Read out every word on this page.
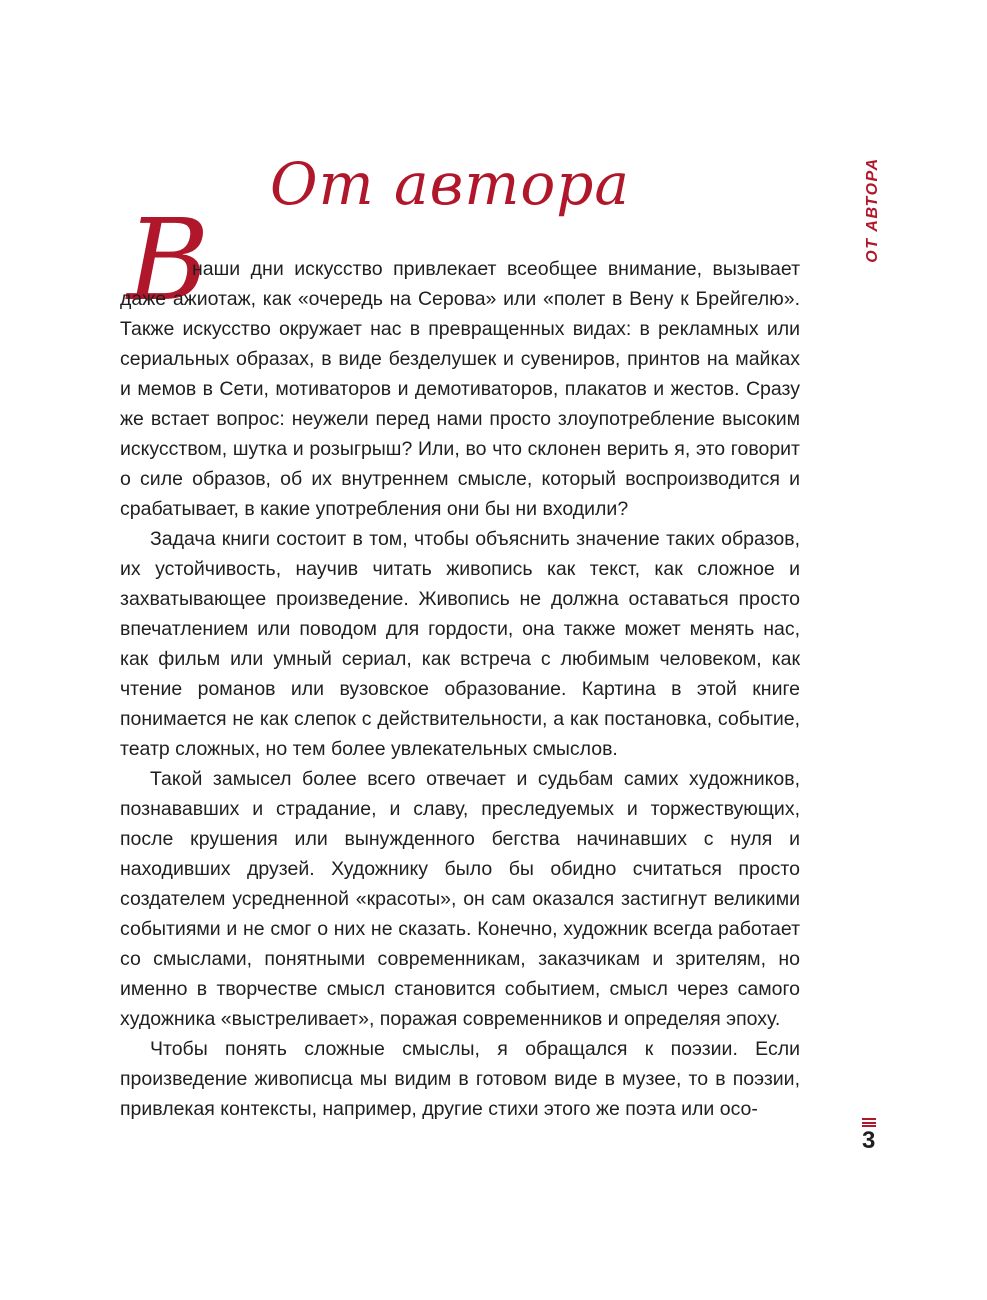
От автора	ОТ АВТОРА
В

наши дни искусство привлекает всеобщее внимание, вызывает даже ажиотаж, как «очередь на Серова» или «полет в Вену к Брейгелю». Также искусство окружает нас в превращенных видах: в рекламных или сериальных образах, в виде безделушек и сувениров, принтов на майках и мемов в Сети, мотиваторов и демотиваторов, плакатов и жестов. Сразу же встает вопрос: неужели перед нами просто злоупотребление высоким искусством, шутка и розыгрыш? Или, во что склонен верить я, это говорит о силе образов, об их внутреннем смысле, который воспроизводится и срабатывает, в какие употребления они бы ни входили?

Задача книги состоит в том, чтобы объяснить значение таких образов, их устойчивость, научив читать живопись как текст, как сложное и захватывающее произведение. Живопись не должна оставаться просто впечатлением или поводом для гордости, она также может менять нас, как фильм или умный сериал, как встреча с любимым человеком, как чтение романов или вузовское образование. Картина в этой книге понимается не как слепок с действительности, а как постановка, событие, театр сложных, но тем более увлекательных смыслов.

Такой замысел более всего отвечает и судьбам самих художников, познававших и страдание, и славу, преследуемых и торжествующих, после крушения или вынужденного бегства начинавших с нуля и находивших друзей. Художнику было бы обидно считаться просто создателем усредненной «красоты», он сам оказался застигнут великими событиями и не смог о них не сказать. Конечно, художник всегда работает со смыслами, понятными современникам, заказчикам и зрителям, но именно в творчестве смысл становится событием, смысл через самого художника «выстреливает», поражая современников и определяя эпоху.

Чтобы понять сложные смыслы, я обращался к поэзии. Если произведение живописца мы видим в готовом виде в музее, то в поэзии, привлекая контексты, например, другие стихи этого же поэта или осо-

3
